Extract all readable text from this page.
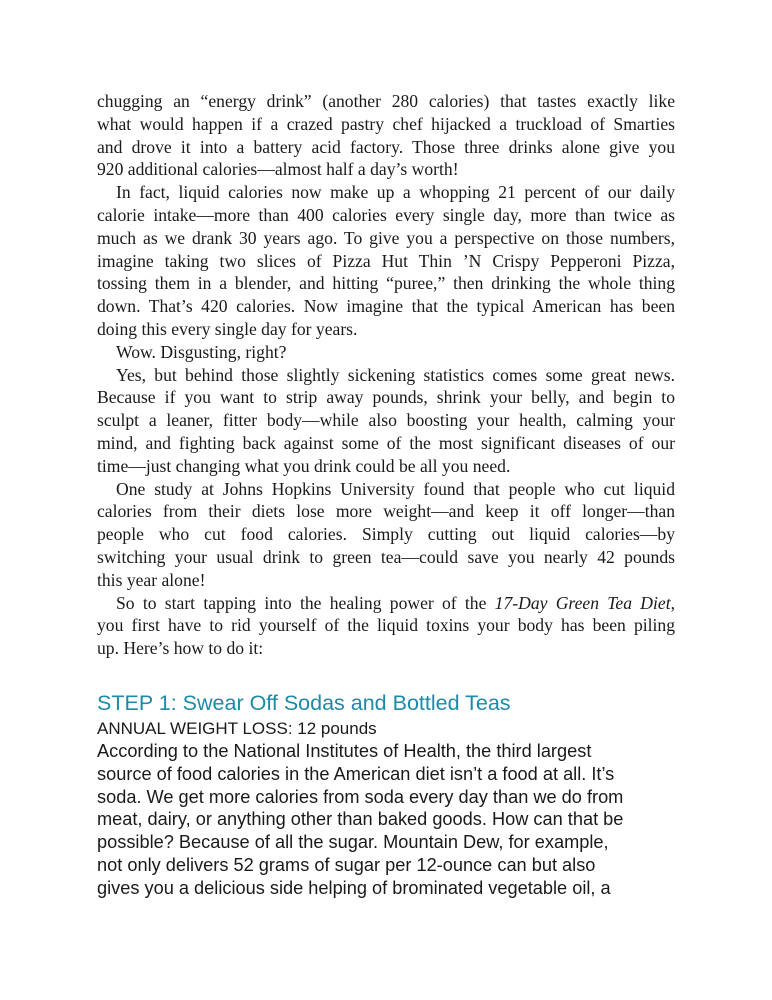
chugging an “energy drink” (another 280 calories) that tastes exactly like
what would happen if a crazed pastry chef hijacked a truckload of Smarties
and drove it into a battery acid factory. Those three drinks alone give you
920 additional calories—almost half a day’s worth!

In fact, liquid calories now make up a whopping 21 percent of our daily
calorie intake—more than 400 calories every single day, more than twice as
much as we drank 30 years ago. To give you a perspective on those numbers,
imagine taking two slices of Pizza Hut Thin ’N Crispy Pepperoni Pizza,
tossing them in a blender, and hitting “puree,” then drinking the whole thing
down. That’s 420 calories. Now imagine that the typical American has been
doing this every single day for years.

Wow. Disgusting, right?

Yes, but behind those slightly sickening statistics comes some great news.
Because if you want to strip away pounds, shrink your belly, and begin to
sculpt a leaner, fitter body—while also boosting your health, calming your
mind, and fighting back against some of the most significant diseases of our
time—just changing what you drink could be all you need.

One study at Johns Hopkins University found that people who cut liquid
calories from their diets lose more weight—and keep it off longer—than
people who cut food calories. Simply cutting out liquid calories—by
switching your usual drink to green tea—could save you nearly 42 pounds
this year alone!

So to start tapping into the healing power of the 17-Day Green Tea Diet,
you first have to rid yourself of the liquid toxins your body has been piling
up. Here’s how to do it:

STEP 1: Swear Off Sodas and Bottled Teas
ANNUAL WEIGHT LOSS: 12 pounds
According to the National Institutes of Health, the third largest
source of food calories in the American diet isn’t a food at all. It’s
soda. We get more calories from soda every day than we do from
meat, dairy, or anything other than baked goods. How can that be
possible? Because of all the sugar. Mountain Dew, for example,
not only delivers 52 grams of sugar per 12-ounce can but also
gives you a delicious side helping of brominated vegetable oil, a
